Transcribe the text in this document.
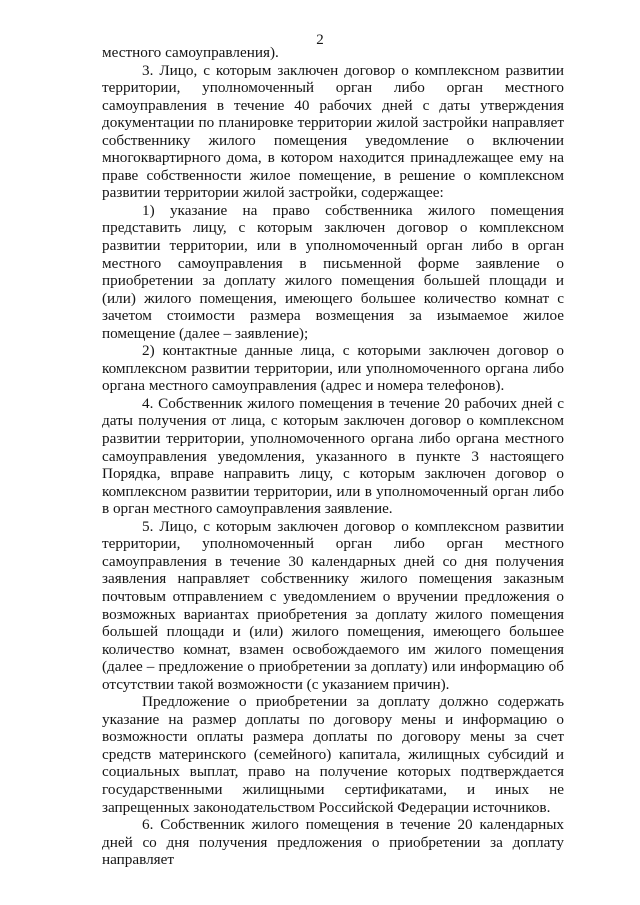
2

местного самоуправления).

3. Лицо, с которым заключен договор о комплексном развитии территории, уполномоченный орган либо орган местного самоуправления в течение 40 рабочих дней с даты утверждения документации по планировке территории жилой застройки направляет собственнику жилого помещения уведомление о включении многоквартирного дома, в котором находится принадлежащее ему на праве собственности жилое помещение, в решение о комплексном развитии территории жилой застройки, содержащее:

1) указание на право собственника жилого помещения представить лицу, с которым заключен договор о комплексном развитии территории, или в уполномоченный орган либо в орган местного самоуправления в письменной форме заявление о приобретении за доплату жилого помещения большей площади и (или) жилого помещения, имеющего большее количество комнат с зачетом стоимости размера возмещения за изымаемое жилое помещение (далее – заявление);

2) контактные данные лица, с которыми заключен договор о комплексном развитии территории, или уполномоченного органа либо органа местного самоуправления (адрес и номера телефонов).

4. Собственник жилого помещения в течение 20 рабочих дней с даты получения от лица, с которым заключен договор о комплексном развитии территории, уполномоченного органа либо органа местного самоуправления уведомления, указанного в пункте 3 настоящего Порядка, вправе направить лицу, с которым заключен договор о комплексном развитии территории, или в уполномоченный орган либо в орган местного самоуправления заявление.

5. Лицо, с которым заключен договор о комплексном развитии территории, уполномоченный орган либо орган местного самоуправления в течение 30 календарных дней со дня получения заявления направляет собственнику жилого помещения заказным почтовым отправлением с уведомлением о вручении предложения о возможных вариантах приобретения за доплату жилого помещения большей площади и (или) жилого помещения, имеющего большее количество комнат, взамен освобождаемого им жилого помещения (далее – предложение о приобретении за доплату) или информацию об отсутствии такой возможности (с указанием причин).

Предложение о приобретении за доплату должно содержать указание на размер доплаты по договору мены и информацию о возможности оплаты размера доплаты по договору мены за счет средств материнского (семейного) капитала, жилищных субсидий и социальных выплат, право на получение которых подтверждается государственными жилищными сертификатами, и иных не запрещенных законодательством Российской Федерации источников.

6. Собственник жилого помещения в течение 20 календарных дней со дня получения предложения о приобретении за доплату направляет
